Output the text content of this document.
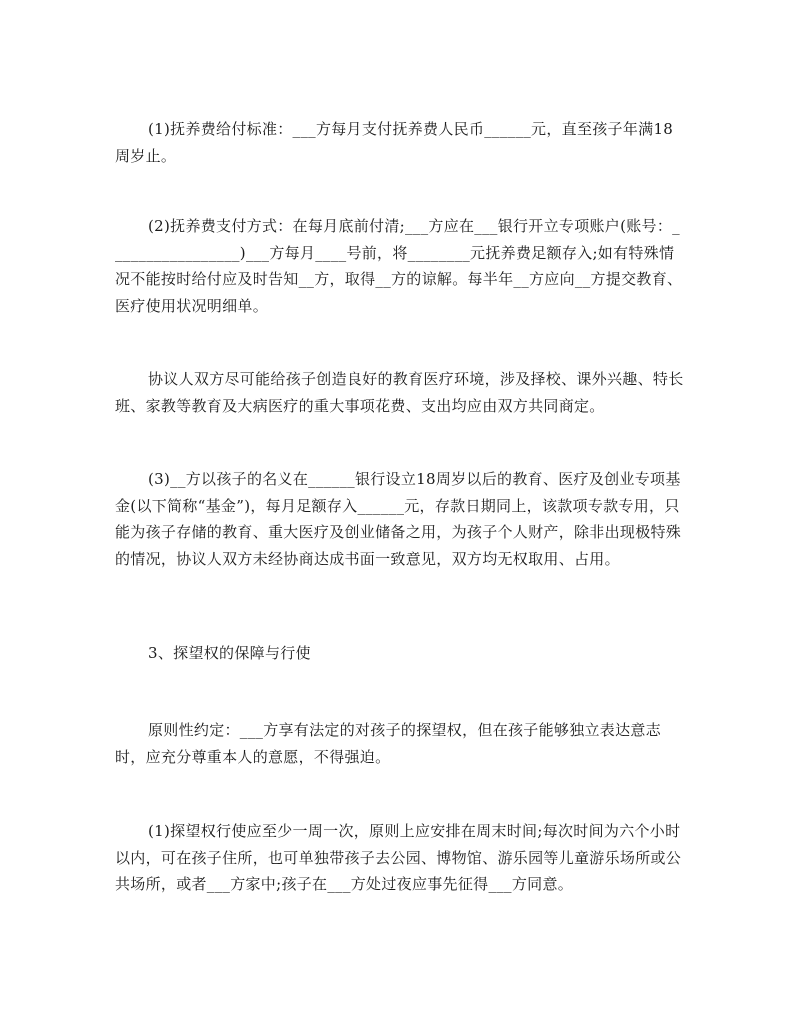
(1)抚养费给付标准：___方每月支付抚养费人民币______元，直至孩子年满18周岁止。

(2)抚养费支付方式：在每月底前付清;___方应在___银行开立专项账户(账号：_________________)___方每月____号前，将________元抚养费足额存入;如有特殊情况不能按时给付应及时告知__方，取得__方的谅解。每半年__方应向__方提交教育、医疗使用状况明细单。

协议人双方尽可能给孩子创造良好的教育医疗环境，涉及择校、课外兴趣、特长班、家教等教育及大病医疗的重大事项花费、支出均应由双方共同商定。

(3)__方以孩子的名义在______银行设立18周岁以后的教育、医疗及创业专项基金(以下简称“基金”)，每月足额存入______元，存款日期同上，该款项专款专用，只能为孩子存储的教育、重大医疗及创业储备之用，为孩子个人财产，除非出现极特殊的情况，协议人双方未经协商达成书面一致意见，双方均无权取用、占用。

3、探望权的保障与行使

原则性约定：___方享有法定的对孩子的探望权，但在孩子能够独立表达意志时，应充分尊重本人的意愿，不得强迫。

(1)探望权行使应至少一周一次，原则上应安排在周末时间;每次时间为六个小时以内，可在孩子住所，也可单独带孩子去公园、博物馆、游乐园等儿童游乐场所或公共场所，或者___方家中;孩子在___方处过夜应事先征得___方同意。
